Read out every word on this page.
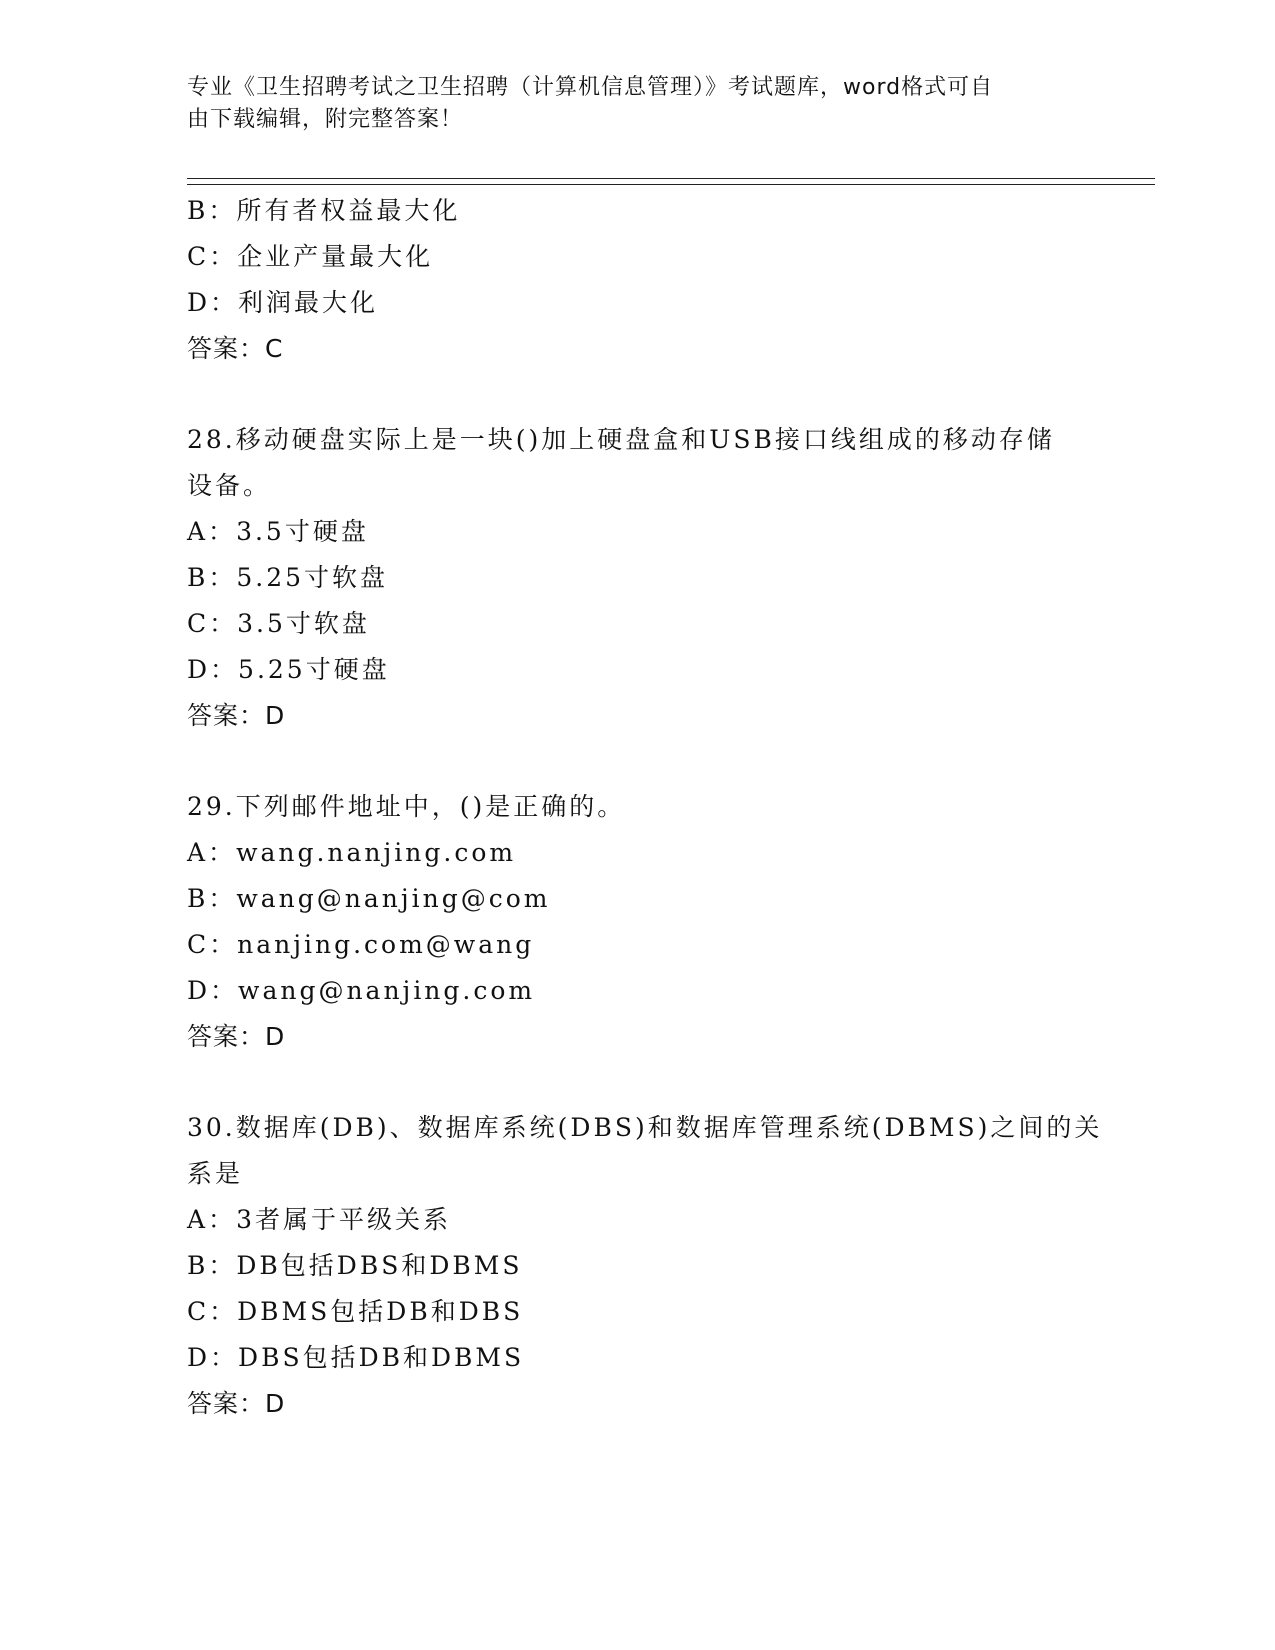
专业《卫生招聘考试之卫生招聘（计算机信息管理）》考试题库，word格式可自
由下载编辑，附完整答案！
B：所有者权益最大化
C：企业产量最大化
D：利润最大化
答案：C
28.移动硬盘实际上是一块()加上硬盘盒和USB接口线组成的移动存储
设备。
A：3.5寸硬盘
B：5.25寸软盘
C：3.5寸软盘
D：5.25寸硬盘
答案：D
29.下列邮件地址中，()是正确的。
A：wang.nanjing.com
B：wang@nanjing@com
C：nanjing.com@wang
D：wang@nanjing.com
答案：D
30.数据库(DB)、数据库系统(DBS)和数据库管理系统(DBMS)之间的关
系是
A：3者属于平级关系
B：DB包括DBS和DBMS
C：DBMS包括DB和DBS
D：DBS包括DB和DBMS
答案：D
